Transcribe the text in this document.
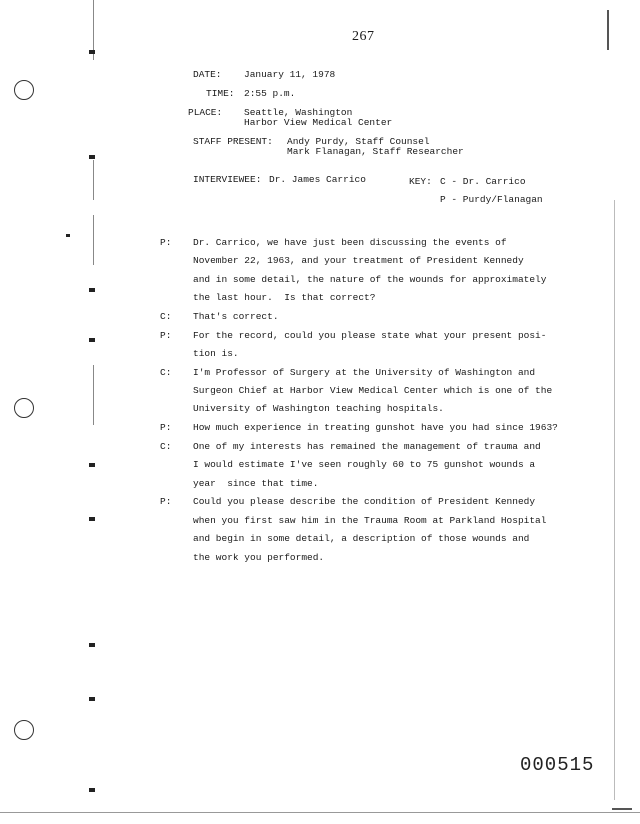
267
DATE: January 11, 1978
TIME: 2:55 p.m.
PLACE: Seattle, Washington
Harbor View Medical Center
STAFF PRESENT: Andy Purdy, Staff Counsel
Mark Flanagan, Staff Researcher
INTERVIEWEE: Dr. James Carrico	KEY: C - Dr. Carrico
P - Purdy/Flanagan
P: Dr. Carrico, we have just been discussing the events of
November 22, 1963, and your treatment of President Kennedy
and in some detail, the nature of the wounds for approximately
the last hour.  Is that correct?
C: That's correct.
P: For the record, could you please state what your present posi-
tion is.
C: I'm Professor of Surgery at the University of Washington and
Surgeon Chief at Harbor View Medical Center which is one of the
University of Washington teaching hospitals.
P: How much experience in treating gunshot have you had since 1963?
C: One of my interests has remained the management of trauma and
I would estimate I've seen roughly 60 to 75 gunshot wounds a
year  since that time.
P: Could you please describe the condition of President Kennedy
when you first saw him in the Trauma Room at Parkland Hospital
and begin in some detail, a description of those wounds and
the work you performed.
000515
